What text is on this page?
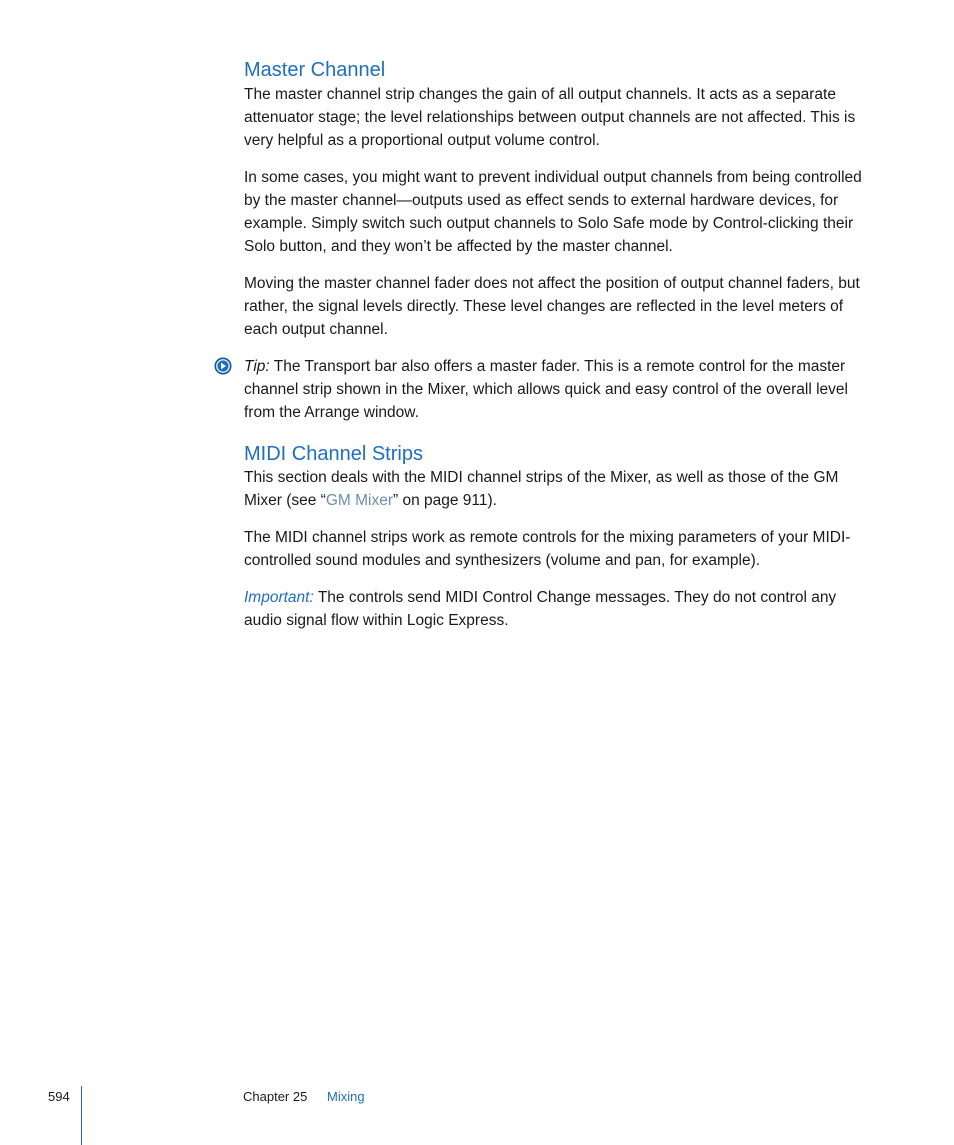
Master Channel

The master channel strip changes the gain of all output channels. It acts as a separate attenuator stage; the level relationships between output channels are not affected. This is very helpful as a proportional output volume control.

In some cases, you might want to prevent individual output channels from being controlled by the master channel—outputs used as effect sends to external hardware devices, for example. Simply switch such output channels to Solo Safe mode by Control-clicking their Solo button, and they won’t be affected by the master channel.

Moving the master channel fader does not affect the position of output channel faders, but rather, the signal levels directly. These level changes are reflected in the level meters of each output channel.

Tip: The Transport bar also offers a master fader. This is a remote control for the master channel strip shown in the Mixer, which allows quick and easy control of the overall level from the Arrange window.

MIDI Channel Strips

This section deals with the MIDI channel strips of the Mixer, as well as those of the GM Mixer (see “GM Mixer” on page 911).

The MIDI channel strips work as remote controls for the mixing parameters of your MIDI-controlled sound modules and synthesizers (volume and pan, for example).

Important: The controls send MIDI Control Change messages. They do not control any audio signal flow within Logic Express.

594	Chapter 25 Mixing
